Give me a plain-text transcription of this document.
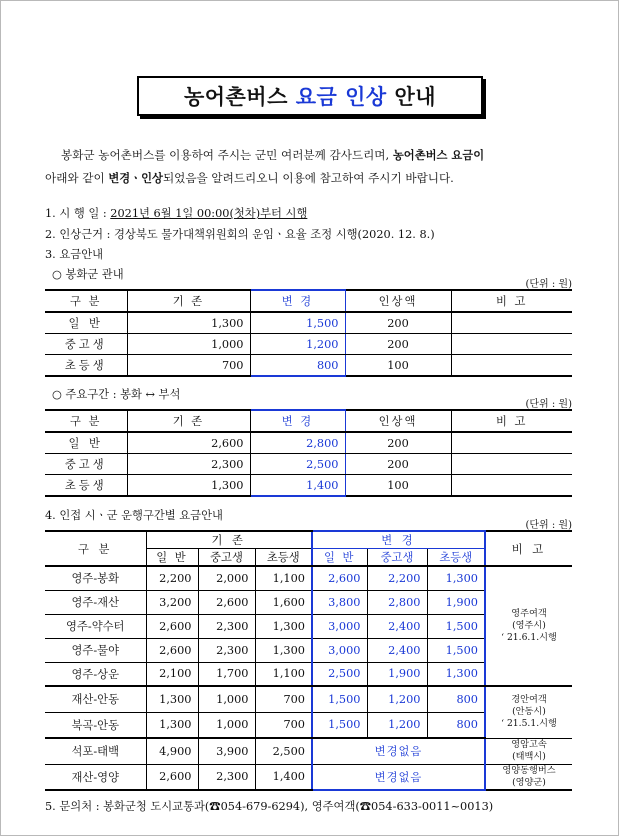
농어촌버스
요금 인상
안내

봉화군 농어촌버스를 이용하여 주시는 군민 여러분께 감사드리며, 농어촌버스 요금이

아래와 같이 변경ㆍ인상되었음을 알려드리오니 이용에 참고하여 주시기 바랍니다.

1. 시 행 일 : 2021년 6월 1일 00:00(첫차)부터 시행
2. 인상근거 : 경상북도 물가대책위원회의 운임ㆍ요율 조정 시행(2020. 12. 8.)
3. 요금안내
○ 봉화군 관내
(단위 : 원)
구 분	기 존	변 경	인상액	비 고
일 반	1,300	1,500	200	
중고생	1,000	1,200	200	
초등생	700	800	100	
○ 주요구간 : 봉화 ↔ 부석
(단위 : 원)
구 분	기 존	변 경	인상액	비 고
일 반	2,600	2,800	200	
중고생	2,300	2,500	200	
초등생	1,300	1,400	100	
4. 인접 시ㆍ군 운행구간별 요금안내
(단위 : 원)
구 분	기 존			변 경			비 고
	일 반	중고생	초등생	일 반	중고생	초등생	
영주-봉화	2,200	2,000	1,100	2,600	2,200	1,300	영주여객
(영주시)
‘ 21.6.1.시행

영주-재산	3,200	2,600	1,600	3,800	2,800	1,900	
영주-약수터	2,600	2,300	1,300	3,000	2,400	1,500	
영주-물야	2,600	2,300	1,300	3,000	2,400	1,500	
영주-상운	2,100	1,700	1,100	2,500	1,900	1,300	
재산-안동	1,300	1,000	700	1,500	1,200	800	경안여객
(안동시)
‘ 21.5.1.시행

북곡-안동	1,300	1,000	700	1,500	1,200	800	
석포-태백	4,900	3,900	2,500	변경없음			영암고속
(태백시)

재산-영양	2,600	2,300	1,400	변경없음			영양동행버스
(영양군)
5. 문의처 : 봉화군청 도시교통과(☎054-679-6294), 영주여객(☎054-633-0011~0013)
